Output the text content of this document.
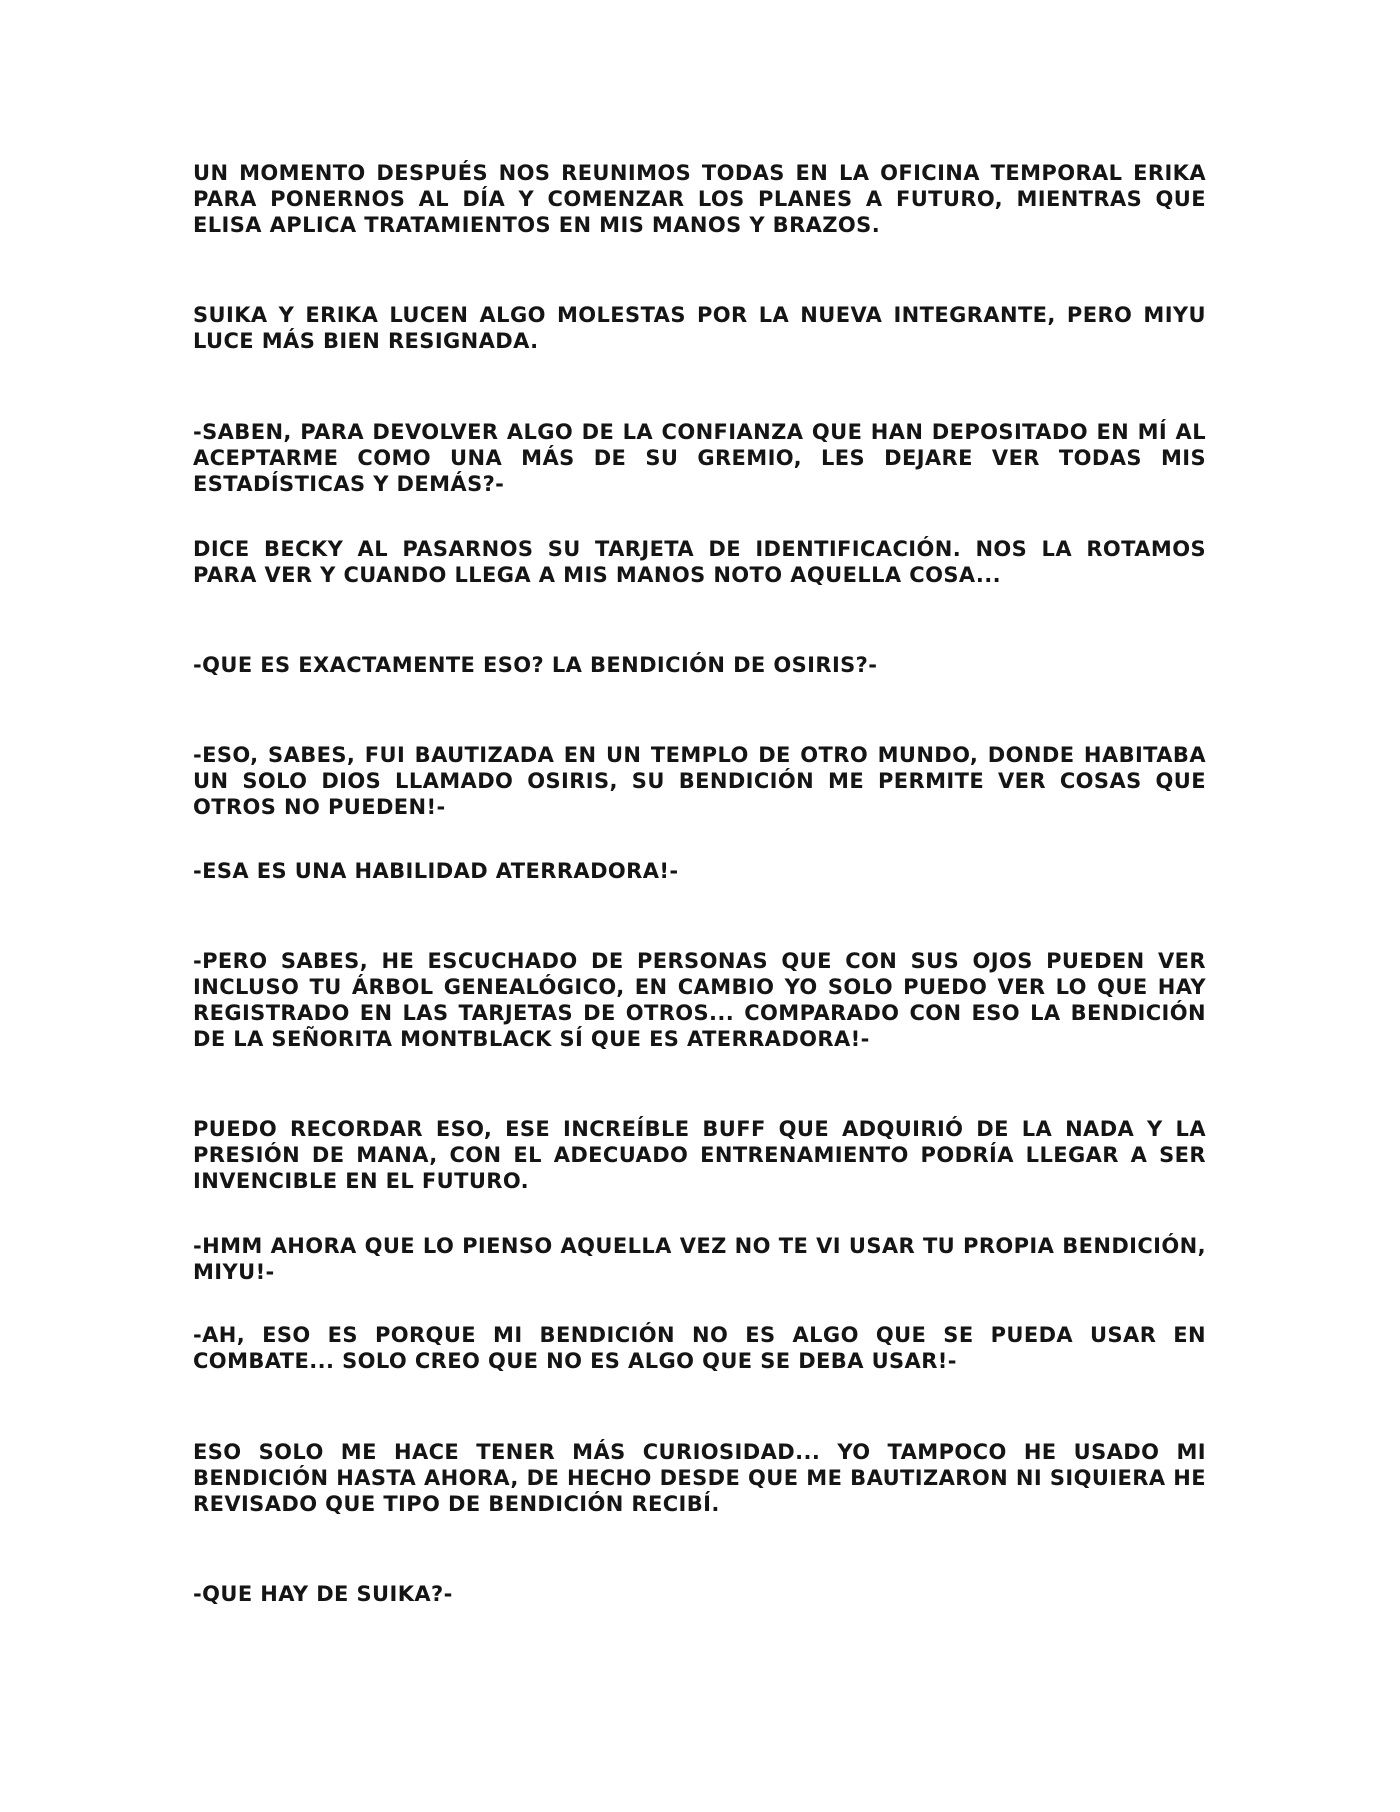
UN MOMENTO DESPUÉS NOS REUNIMOS TODAS EN LA OFICINA TEMPORAL ERIKA PARA PONERNOS AL DÍA Y COMENZAR LOS PLANES A FUTURO, MIENTRAS QUE ELISA APLICA TRATAMIENTOS EN MIS MANOS Y BRAZOS.

SUIKA Y ERIKA LUCEN ALGO MOLESTAS POR LA NUEVA INTEGRANTE, PERO MIYU LUCE MÁS BIEN RESIGNADA.

-SABEN, PARA DEVOLVER ALGO DE LA CONFIANZA QUE HAN DEPOSITADO EN MÍ AL ACEPTARME COMO UNA MÁS DE SU GREMIO, LES DEJARE VER TODAS MIS ESTADÍSTICAS Y DEMÁS?-

DICE BECKY AL PASARNOS SU TARJETA DE IDENTIFICACIÓN. NOS LA ROTAMOS PARA VER Y CUANDO LLEGA A MIS MANOS NOTO AQUELLA COSA...

-QUE ES EXACTAMENTE ESO? LA BENDICIÓN DE OSIRIS?-

-ESO, SABES, FUI BAUTIZADA EN UN TEMPLO DE OTRO MUNDO, DONDE HABITABA UN SOLO DIOS LLAMADO OSIRIS, SU BENDICIÓN ME PERMITE VER COSAS QUE OTROS NO PUEDEN!-

-ESA ES UNA HABILIDAD ATERRADORA!-

-PERO SABES, HE ESCUCHADO DE PERSONAS QUE CON SUS OJOS PUEDEN VER INCLUSO TU ÁRBOL GENEALÓGICO, EN CAMBIO YO SOLO PUEDO VER LO QUE HAY REGISTRADO EN LAS TARJETAS DE OTROS... COMPARADO CON ESO LA BENDICIÓN DE LA SEÑORITA MONTBLACK SÍ QUE ES ATERRADORA!-

PUEDO RECORDAR ESO, ESE INCREÍBLE BUFF QUE ADQUIRIÓ DE LA NADA Y LA PRESIÓN DE MANA, CON EL ADECUADO ENTRENAMIENTO PODRÍA LLEGAR A SER INVENCIBLE EN EL FUTURO.

-HMM AHORA QUE LO PIENSO AQUELLA VEZ NO TE VI USAR TU PROPIA BENDICIÓN, MIYU!-

-AH, ESO ES PORQUE MI BENDICIÓN NO ES ALGO QUE SE PUEDA USAR EN COMBATE... SOLO CREO QUE NO ES ALGO QUE SE DEBA USAR!-

ESO SOLO ME HACE TENER MÁS CURIOSIDAD... YO TAMPOCO HE USADO MI BENDICIÓN HASTA AHORA, DE HECHO DESDE QUE ME BAUTIZARON NI SIQUIERA HE REVISADO QUE TIPO DE BENDICIÓN RECIBÍ.

-QUE HAY DE SUIKA?-
